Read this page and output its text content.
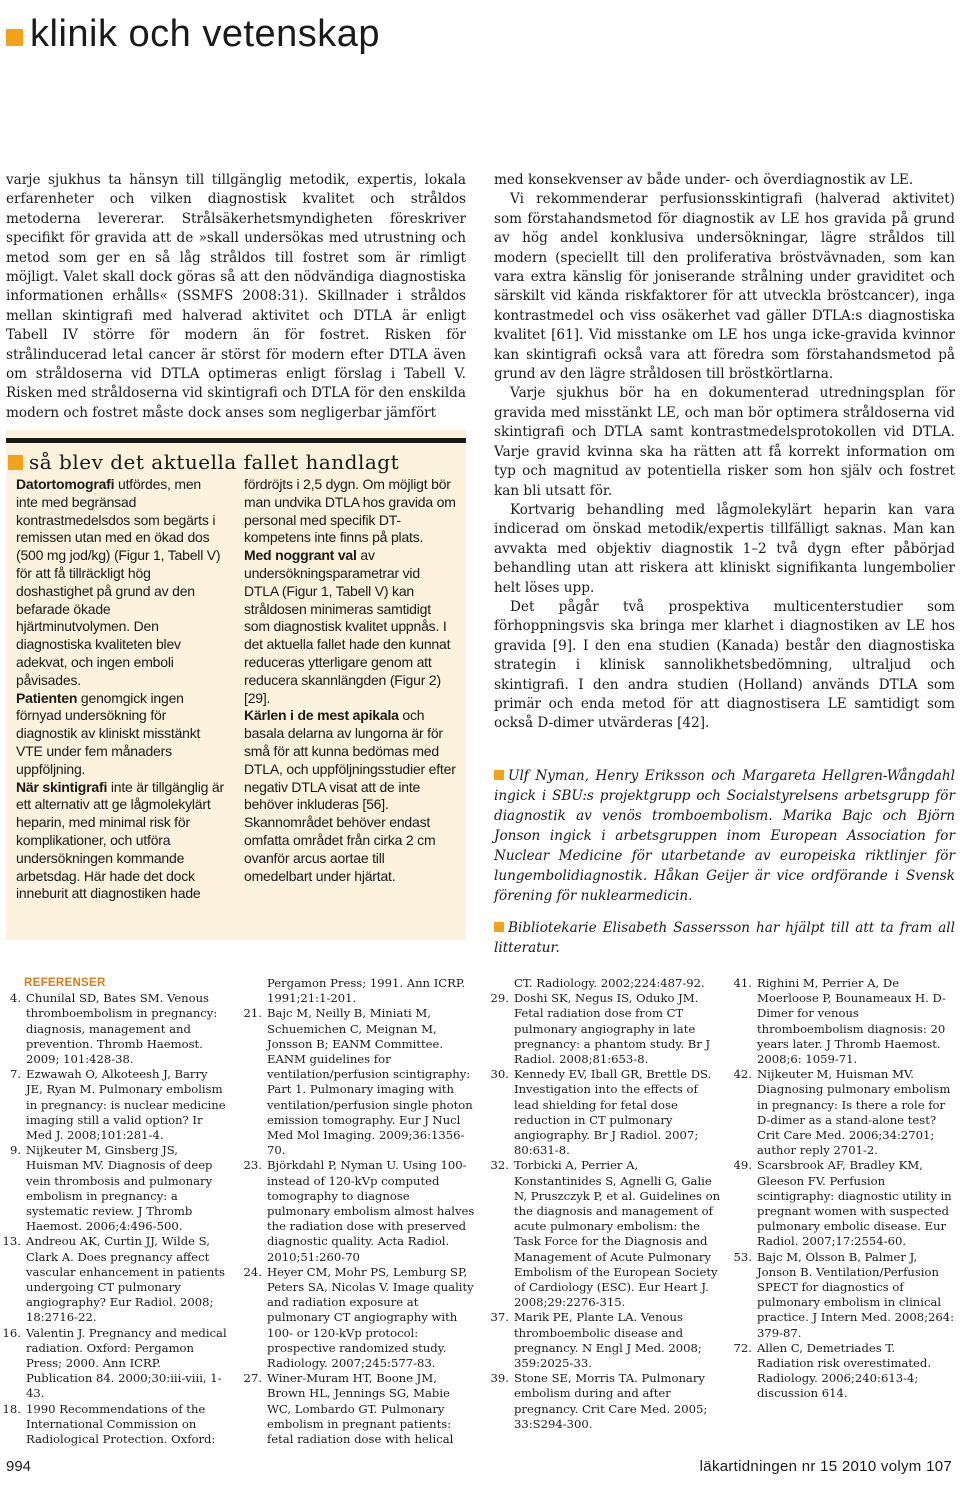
klinik och vetenskap

varje sjukhus ta hänsyn till tillgänglig metodik, expertis, lokala erfarenheter och vilken diagnostisk kvalitet och stråldos metoderna levererar. Strålsäkerhetsmyndigheten föreskriver specifikt för gravida att de »skall undersökas med utrustning och metod som ger en så låg stråldos till fostret som är rimligt möjligt. Valet skall dock göras så att den nödvändiga diagnostiska informationen erhålls« (SSMFS 2008:31). Skillnader i stråldos mellan skintigrafi med halverad aktivitet och DTLA är enligt Tabell IV större för modern än för fostret. Risken för strålinducerad letal cancer är störst för modern efter DTLA även om stråldoserna vid DTLA optimeras enligt förslag i Tabell V. Risken med stråldoserna vid skintigrafi och DTLA för den enskilda modern och fostret måste dock anses som negligerbar jämfört

så blev det aktuella fallet handlagt

Datortomografi utfördes, men inte med begränsad kontrastmedelsdos som begärts i remissen utan med en ökad dos (500 mg jod/kg) (Figur 1, Tabell V) för att få tillräckligt hög doshastighet på grund av den befarade ökade hjärtminutvolymen. Den diagnostiska kvaliteten blev adekvat, och ingen emboli påvisades.

Patienten genomgick ingen förnyad undersökning för diagnostik av kliniskt misstänkt VTE under fem månaders uppföljning.

När skintigrafi inte är tillgänglig är ett alternativ att ge lågmolekylärt heparin, med minimal risk för komplikationer, och utföra undersökningen kommande arbetsdag. Här hade det dock inneburit att diagnostiken hade

fördröjts i 2,5 dygn. Om möjligt bör man undvika DTLA hos gravida om personal med specifik DT-kompetens inte finns på plats.

Med noggrant val av undersökningsparametrar vid DTLA (Figur 1, Tabell V) kan stråldosen minimeras samtidigt som diagnostisk kvalitet uppnås. I det aktuella fallet hade den kunnat reduceras ytterligare genom att reducera skannlängden (Figur 2) [29].

Kärlen i de mest apikala och basala delarna av lungorna är för små för att kunna bedömas med DTLA, och uppföljningsstudier efter negativ DTLA visat att de inte behöver inkluderas [56]. Skannområdet behöver endast omfatta området från cirka 2 cm ovanför arcus aortae till omedelbart under hjärtat.

med konsekvenser av både under- och överdiagnostik av LE.

Vi rekommenderar perfusionsskintigrafi (halverad aktivitet) som förstahandsmetod för diagnostik av LE hos gravida på grund av hög andel konklusiva undersökningar, lägre stråldos till modern (speciellt till den proliferativa bröstvävnaden, som kan vara extra känslig för joniserande strålning under graviditet och särskilt vid kända riskfaktorer för att utveckla bröstcancer), inga kontrastmedel och viss osäkerhet vad gäller DTLA:s diagnostiska kvalitet [61]. Vid misstanke om LE hos unga icke-gravida kvinnor kan skintigrafi också vara att föredra som förstahandsmetod på grund av den lägre stråldosen till bröstkörtlarna.

Varje sjukhus bör ha en dokumenterad utredningsplan för gravida med misstänkt LE, och man bör optimera stråldoserna vid skintigrafi och DTLA samt kontrastmedelsprotokollen vid DTLA. Varje gravid kvinna ska ha rätten att få korrekt information om typ och magnitud av potentiella risker som hon själv och fostret kan bli utsatt för.

Kortvarig behandling med lågmolekylärt heparin kan vara indicerad om önskad metodik/expertis tillfälligt saknas. Man kan avvakta med objektiv diagnostik 1–2 två dygn efter påbörjad behandling utan att riskera att kliniskt signifikanta lungembolier helt löses upp.

Det pågår två prospektiva multicenterstudier som förhoppningsvis ska bringa mer klarhet i diagnostiken av LE hos gravida [9]. I den ena studien (Kanada) består den diagnostiska strategin i klinisk sannolikhetsbedömning, ultraljud och skintigrafi. I den andra studien (Holland) används DTLA som primär och enda metod för att diagnostisera LE samtidigt som också D-dimer utvärderas [42].

Ulf Nyman, Henry Eriksson och Margareta Hellgren-Wångdahl ingick i SBU:s projektgrupp och Socialstyrelsens arbetsgrupp för diagnostik av venös tromboembolism. Marika Bajc och Björn Jonson ingick i arbetsgruppen inom European Association for Nuclear Medicine för utarbetande av europeiska riktlinjer för lungembolidiagnostik. Håkan Geijer är vice ordförande i Svensk förening för nuklearmedicin.

Bibliotekarie Elisabeth Sassersson har hjälpt till att ta fram all litteratur.

REFERENSER
4. Chunilal SD, Bates SM. Venous thromboembolism in pregnancy: diagnosis, management and prevention. Thromb Haemost. 2009; 101:428-38.
7. Ezwawah O, Alkoteesh J, Barry JE, Ryan M. Pulmonary embolism in pregnancy: is nuclear medicine imaging still a valid option? Ir Med J. 2008;101:281-4.
9. Nijkeuter M, Ginsberg JS, Huisman MV. Diagnosis of deep vein thrombosis and pulmonary embolism in pregnancy: a systematic review. J Thromb Haemost. 2006;4:496-500.
13. Andreou AK, Curtin JJ, Wilde S, Clark A. Does pregnancy affect vascular enhancement in patients undergoing CT pulmonary angiography? Eur Radiol. 2008; 18:2716-22.
16. Valentin J. Pregnancy and medical radiation. Oxford: Pergamon Press; 2000. Ann ICRP. Publication 84. 2000;30:iii-viii, 1-43.
18. 1990 Recommendations of the International Commission on Radiological Protection. Oxford:
Pergamon Press; 1991. Ann ICRP. 1991;21:1-201.
21. Bajc M, Neilly B, Miniati M, Schuemichen C, Meignan M, Jonsson B; EANM Committee. EANM guidelines for ventilation/perfusion scintigraphy: Part 1. Pulmonary imaging with ventilation/perfusion single photon emission tomography. Eur J Nucl Med Mol Imaging. 2009;36:1356-70.
23. Björkdahl P, Nyman U. Using 100- instead of 120-kVp computed tomography to diagnose pulmonary embolism almost halves the radiation dose with preserved diagnostic quality. Acta Radiol. 2010;51:260-70
24. Heyer CM, Mohr PS, Lemburg SP, Peters SA, Nicolas V. Image quality and radiation exposure at pulmonary CT angiography with 100- or 120-kVp protocol: prospective randomized study. Radiology. 2007;245:577-83.
27. Winer-Muram HT, Boone JM, Brown HL, Jennings SG, Mabie WC, Lombardo GT. Pulmonary embolism in pregnant patients: fetal radiation dose with helical
CT. Radiology. 2002;224:487-92.
29. Doshi SK, Negus IS, Oduko JM. Fetal radiation dose from CT pulmonary angiography in late pregnancy: a phantom study. Br J Radiol. 2008;81:653-8.
30. Kennedy EV, Iball GR, Brettle DS. Investigation into the effects of lead shielding for fetal dose reduction in CT pulmonary angiography. Br J Radiol. 2007; 80:631-8.
32. Torbicki A, Perrier A, Konstantinides S, Agnelli G, Galie N, Pruszczyk P, et al. Guidelines on the diagnosis and management of acute pulmonary embolism: the Task Force for the Diagnosis and Management of Acute Pulmonary Embolism of the European Society of Cardiology (ESC). Eur Heart J. 2008;29:2276-315.
37. Marik PE, Plante LA. Venous thromboembolic disease and pregnancy. N Engl J Med. 2008; 359:2025-33.
39. Stone SE, Morris TA. Pulmonary embolism during and after pregnancy. Crit Care Med. 2005; 33:S294-300.
41. Righini M, Perrier A, De Moerloose P, Bounameaux H. D-Dimer for venous thromboembolism diagnosis: 20 years later. J Thromb Haemost. 2008;6: 1059-71.
42. Nijkeuter M, Huisman MV. Diagnosing pulmonary embolism in pregnancy: Is there a role for D-dimer as a stand-alone test? Crit Care Med. 2006;34:2701; author reply 2701-2.
49. Scarsbrook AF, Bradley KM, Gleeson FV. Perfusion scintigraphy: diagnostic utility in pregnant women with suspected pulmonary embolic disease. Eur Radiol. 2007;17:2554-60.
53. Bajc M, Olsson B, Palmer J, Jonson B. Ventilation/Perfusion SPECT for diagnostics of pulmonary embolism in clinical practice. J Intern Med. 2008;264: 379-87.
72. Allen C, Demetriades T. Radiation risk overestimated. Radiology. 2006;240:613-4; discussion 614.
994	läkartidningen nr 15 2010 volym 107
